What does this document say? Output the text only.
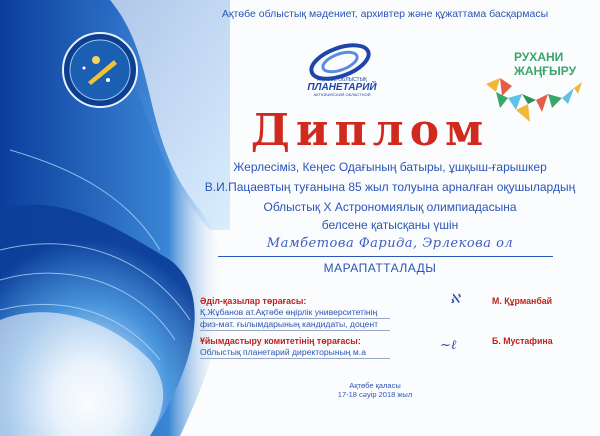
Ақтөбе облыстық мәдениет, архивтер және құжаттама басқармасы
АҚТӨБЕ ОБЛЫСТЫҚ
ПЛАНЕТАРИЙ
АКТЮБИНСКИЙ ОБЛАСТНОЙ
РУХАНИ
ЖАҢҒЫРУ
Диплом
Жерлесіміз, Кеңес Одағының батыры, ұшқыш-ғарышкер
В.И.Пацаевтың туғанына 85 жыл толуына арналған оқушылардың
Облыстық Х Астрономиялық олимпиадасына
белсене қатысқаны үшін
Мамбетова Фарида, Эрлекова ол
МАРАПАТТАЛАДЫ
Әділ-қазылар төрағасы:
Қ.Жұбанов ат.Ақтөбе өңірлік университетінің
физ-мат. ғылымдарының кандидаты, доцент
ℵ	М. Құрманбай
Ұйымдастыру комитетінің төрағасы:
Облыстық планетарий директорының м.а	~ℓ	Б. Мустафина
Ақтөбе қаласы
17-18 сәуір 2018 жыл
